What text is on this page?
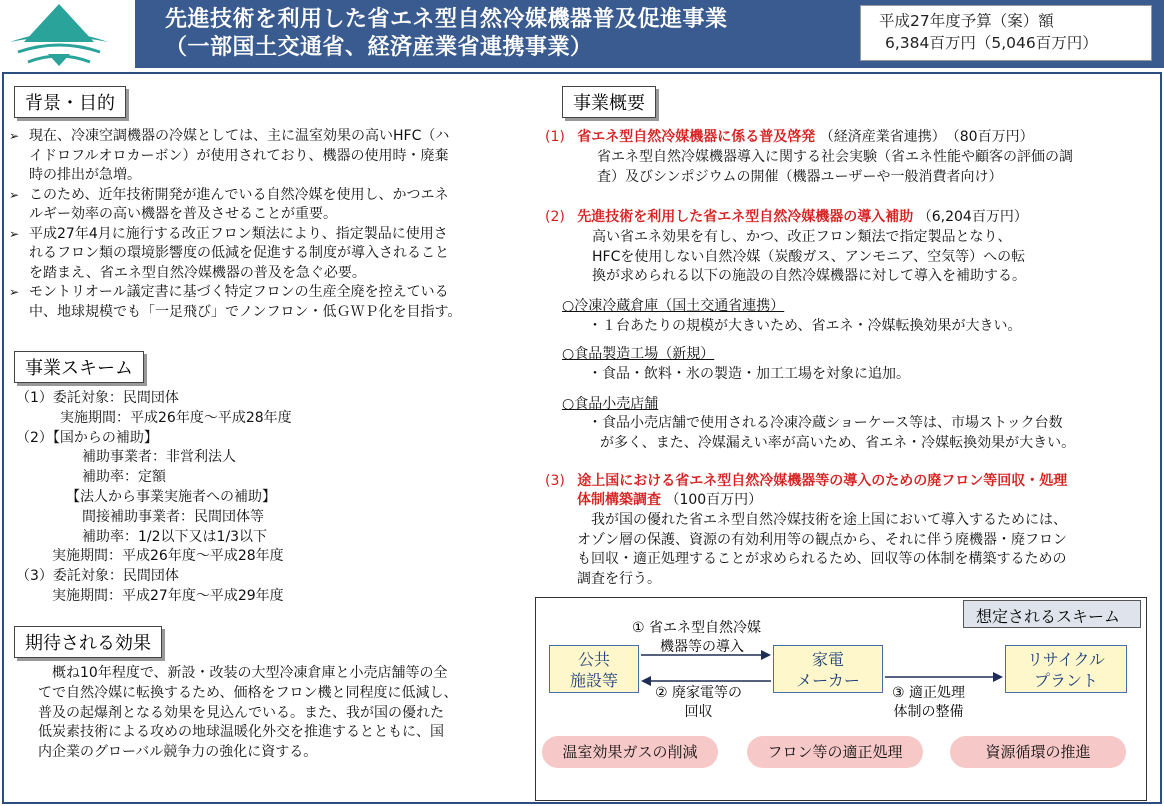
先進技術を利用した省エネ型自然冷媒機器普及促進事業
（一部国土交通省、経済産業省連携事業）
平成27年度予算（案）額
6,384百万円（5,046百万円）
背景・目的
現在、冷凍空調機器の冷媒としては、主に温室効果の高いHFC（ハ
➢
イドロフルオロカーボン）が使用されており、機器の使用時・廃棄
時の排出が急増。
このため、近年技術開発が進んでいる自然冷媒を使用し、かつエネ
➢
ルギー効率の高い機器を普及させることが重要。
平成27年4月に施行する改正フロン類法により、指定製品に使用さ
➢
れるフロン類の環境影響度の低減を促進する制度が導入されること
を踏まえ、省エネ型自然冷媒機器の普及を急ぐ必要。
モントリオール議定書に基づく特定フロンの生産全廃を控えている
➢
中、地球規模でも「一足飛び」でノンフロン・低ＧＷＰ化を目指す。
事業スキーム
（1）委託対象：民間団体
実施期間：平成26年度～平成28年度
（2）【国からの補助】
補助事業者：非営利法人
補助率：定額
【法人から事業実施者への補助】
間接補助事業者：民間団体等
補助率：1/2以下又は1/3以下
実施期間：平成26年度～平成28年度
（3）委託対象：民間団体
実施期間：平成27年度～平成29年度
期待される効果
概ね10年程度で、新設・改装の大型冷凍倉庫と小売店舗等の全
てで自然冷媒に転換するため、価格をフロン機と同程度に低減し、
普及の起爆剤となる効果を見込んでいる。また、我が国の優れた
低炭素技術による攻めの地球温暖化外交を推進するとともに、国
内企業のグローバル競争力の強化に資する。
事業概要
(1) 省エネ型自然冷媒機器に係る普及啓発 （経済産業省連携）　（80百万円）
省エネ型自然冷媒機器導入に関する社会実験（省エネ性能や顧客の評価の調
査）及びシンポジウムの開催（機器ユーザーや一般消費者向け）
(2) 先進技術を利用した省エネ型自然冷媒機器の導入補助 （6,204百万円）
高い省エネ効果を有し、かつ、改正フロン類法で指定製品となり、
HFCを使用しない自然冷媒（炭酸ガス、アンモニア、空気等）への転
換が求められる以下の施設の自然冷媒機器に対して導入を補助する。
○冷凍冷蔵倉庫（国土交通省連携）
・１台あたりの規模が大きいため、省エネ・冷媒転換効果が大きい。
○食品製造工場（新規）
・食品・飲料・氷の製造・加工工場を対象に追加。
○食品小売店舗
・食品小売店舗で使用される冷凍冷蔵ショーケース等は、市場ストック台数
が多く、また、冷媒漏えい率が高いため、省エネ・冷媒転換効果が大きい。
(3) 途上国における省エネ型自然冷媒機器等の導入のための廃フロン等回収・処理
体制構築調査 （100百万円）
我が国の優れた省エネ型自然冷媒技術を途上国において導入するためには、
オゾン層の保護、資源の有効利用等の観点から、それに伴う廃機器・廃フロン
も回収・適正処理することが求められるため、回収等の体制を構築するための
調査を行う。
想定されるスキーム
公共
施設等
家電
メーカー
リサイクル
プラント
① 省エネ型自然冷媒
機器等の導入
② 廃家電等の
回収
③ 適正処理
体制の整備
温室効果ガスの削減	フロン等の適正処理	資源循環の推進
